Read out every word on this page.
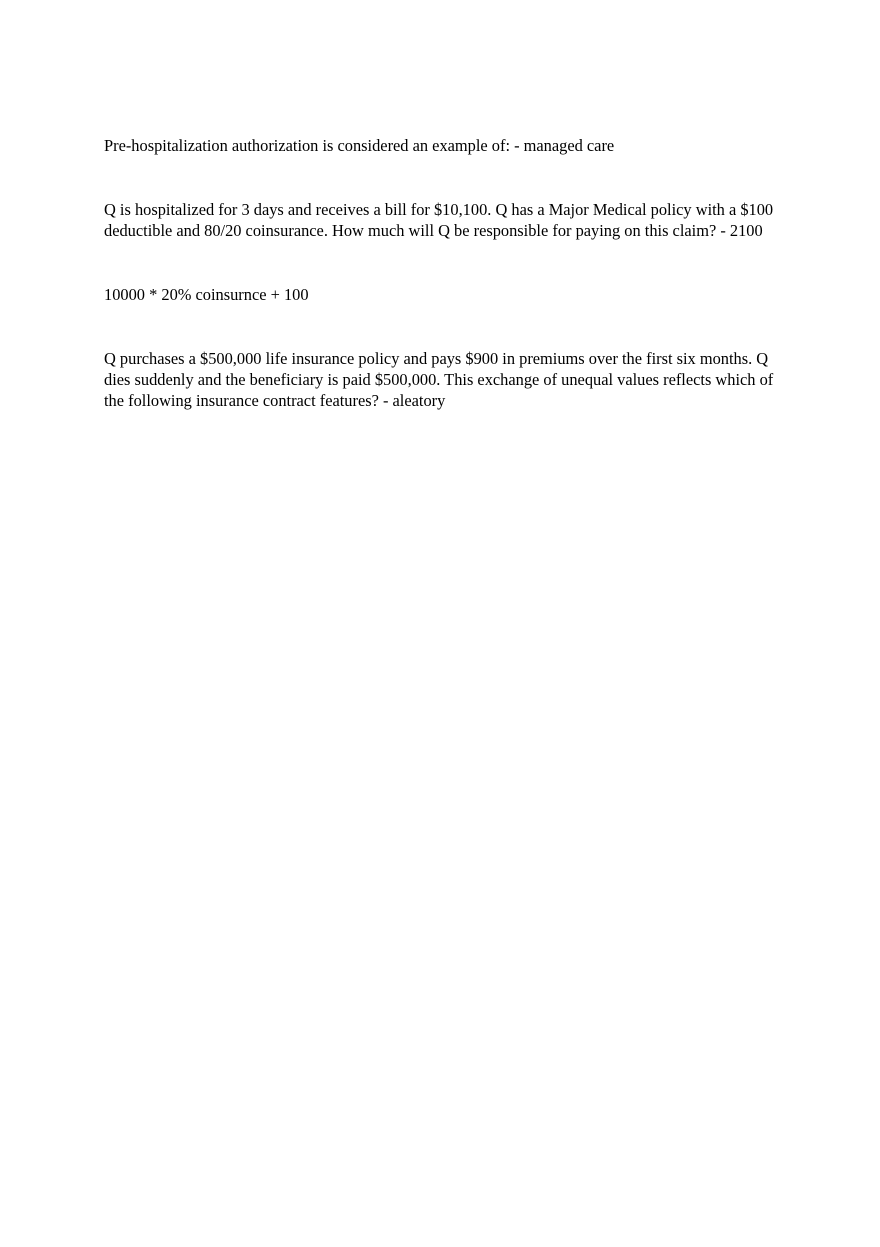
Pre-hospitalization authorization is considered an example of: - managed care

Q is hospitalized for 3 days and receives a bill for $10,100. Q has a Major Medical policy with a $100 deductible and 80/20 coinsurance. How much will Q be responsible for paying on this claim? - 2100

10000 * 20% coinsurnce + 100

Q purchases a $500,000 life insurance policy and pays $900 in premiums over the first six months. Q dies suddenly and the beneficiary is paid $500,000. This exchange of unequal values reflects which of the following insurance contract features? - aleatory
